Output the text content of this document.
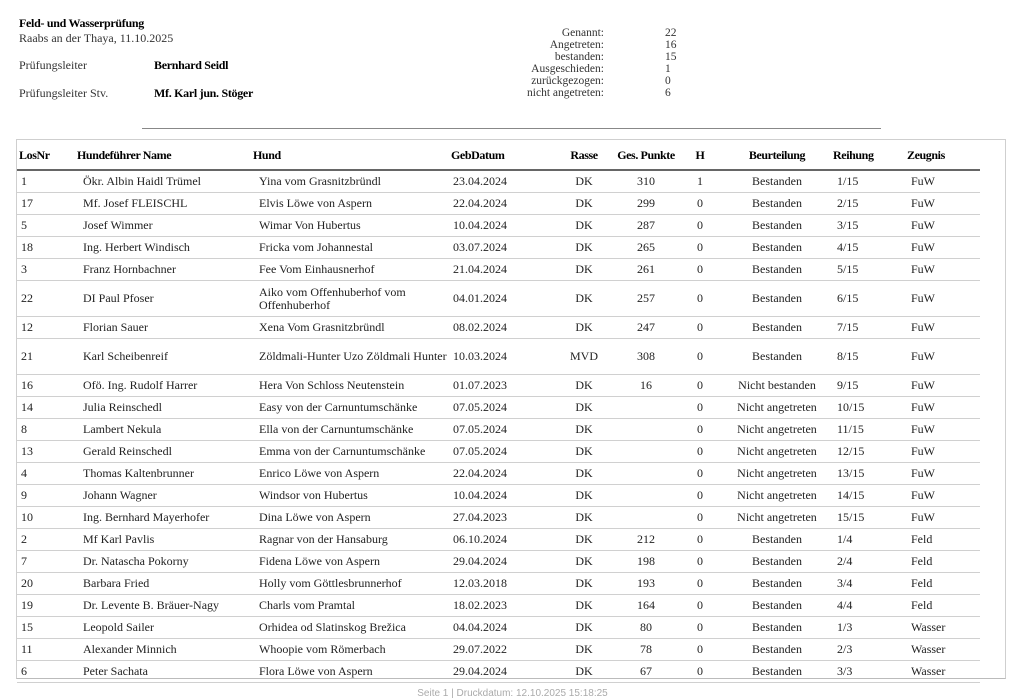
Feld- und Wasserprüfung
Raabs an der Thaya, 11.10.2025
Prüfungsleiter	Bernhard Seidl
Prüfungsleiter Stv.	Mf. Karl jun. Stöger
Genannt:	22
Angetreten:	16
bestanden:	15
Ausgeschieden:	1
zurückgezogen:	0
nicht angetreten:	6
LosNr	Hundeführer Name	Hund	GebDatum	Rasse	Ges. Punkte	H	Beurteilung	Reihung	Zeugnis
1	Ökr. Albin Haidl Trümel	Yina vom Grasnitzbründl	23.04.2024	DK	310	1	Bestanden	1/15	FuW
17	Mf. Josef FLEISCHL	Elvis Löwe von Aspern	22.04.2024	DK	299	0	Bestanden	2/15	FuW
5	Josef Wimmer	Wimar Von Hubertus	10.04.2024	DK	287	0	Bestanden	3/15	FuW
18	Ing. Herbert Windisch	Fricka vom Johannestal	03.07.2024	DK	265	0	Bestanden	4/15	FuW
3	Franz Hornbachner	Fee Vom Einhausnerhof	21.04.2024	DK	261	0	Bestanden	5/15	FuW
22	DI Paul Pfoser	Aiko vom Offenhuberhof vom Offenhuberhof	04.01.2024	DK	257	0	Bestanden	6/15	FuW
12	Florian Sauer	Xena Vom Grasnitzbründl	08.02.2024	DK	247	0	Bestanden	7/15	FuW
21	Karl Scheibenreif	Zöldmali-Hunter Uzo Zöldmali Hunter	10.03.2024	MVD	308	0	Bestanden	8/15	FuW
16	Ofö. Ing. Rudolf Harrer	Hera Von Schloss Neutenstein	01.07.2023	DK	16	0	Nicht bestanden	9/15	FuW
14	Julia Reinschedl	Easy von der Carnuntumschänke	07.05.2024	DK		0	Nicht angetreten	10/15	FuW
8	Lambert Nekula	Ella von der Carnuntumschänke	07.05.2024	DK		0	Nicht angetreten	11/15	FuW
13	Gerald Reinschedl	Emma von der Carnuntumschänke	07.05.2024	DK		0	Nicht angetreten	12/15	FuW
4	Thomas Kaltenbrunner	Enrico Löwe von Aspern	22.04.2024	DK		0	Nicht angetreten	13/15	FuW
9	Johann Wagner	Windsor von Hubertus	10.04.2024	DK		0	Nicht angetreten	14/15	FuW
10	Ing. Bernhard Mayerhofer	Dina Löwe von Aspern	27.04.2023	DK		0	Nicht angetreten	15/15	FuW
2	Mf Karl Pavlis	Ragnar von der Hansaburg	06.10.2024	DK	212	0	Bestanden	1/4	Feld
7	Dr. Natascha Pokorny	Fidena Löwe von Aspern	29.04.2024	DK	198	0	Bestanden	2/4	Feld
20	Barbara Fried	Holly vom Göttlesbrunnerhof	12.03.2018	DK	193	0	Bestanden	3/4	Feld
19	Dr. Levente B. Bräuer-Nagy	Charls vom Pramtal	18.02.2023	DK	164	0	Bestanden	4/4	Feld
15	Leopold Sailer	Orhidea od Slatinskog Brežica	04.04.2024	DK	80	0	Bestanden	1/3	Wasser
11	Alexander Minnich	Whoopie vom Römerbach	29.07.2022	DK	78	0	Bestanden	2/3	Wasser
6	Peter Sachata	Flora Löwe von Aspern	29.04.2024	DK	67	0	Bestanden	3/3	Wasser
Seite 1 | Druckdatum: 12.10.2025 15:18:25
